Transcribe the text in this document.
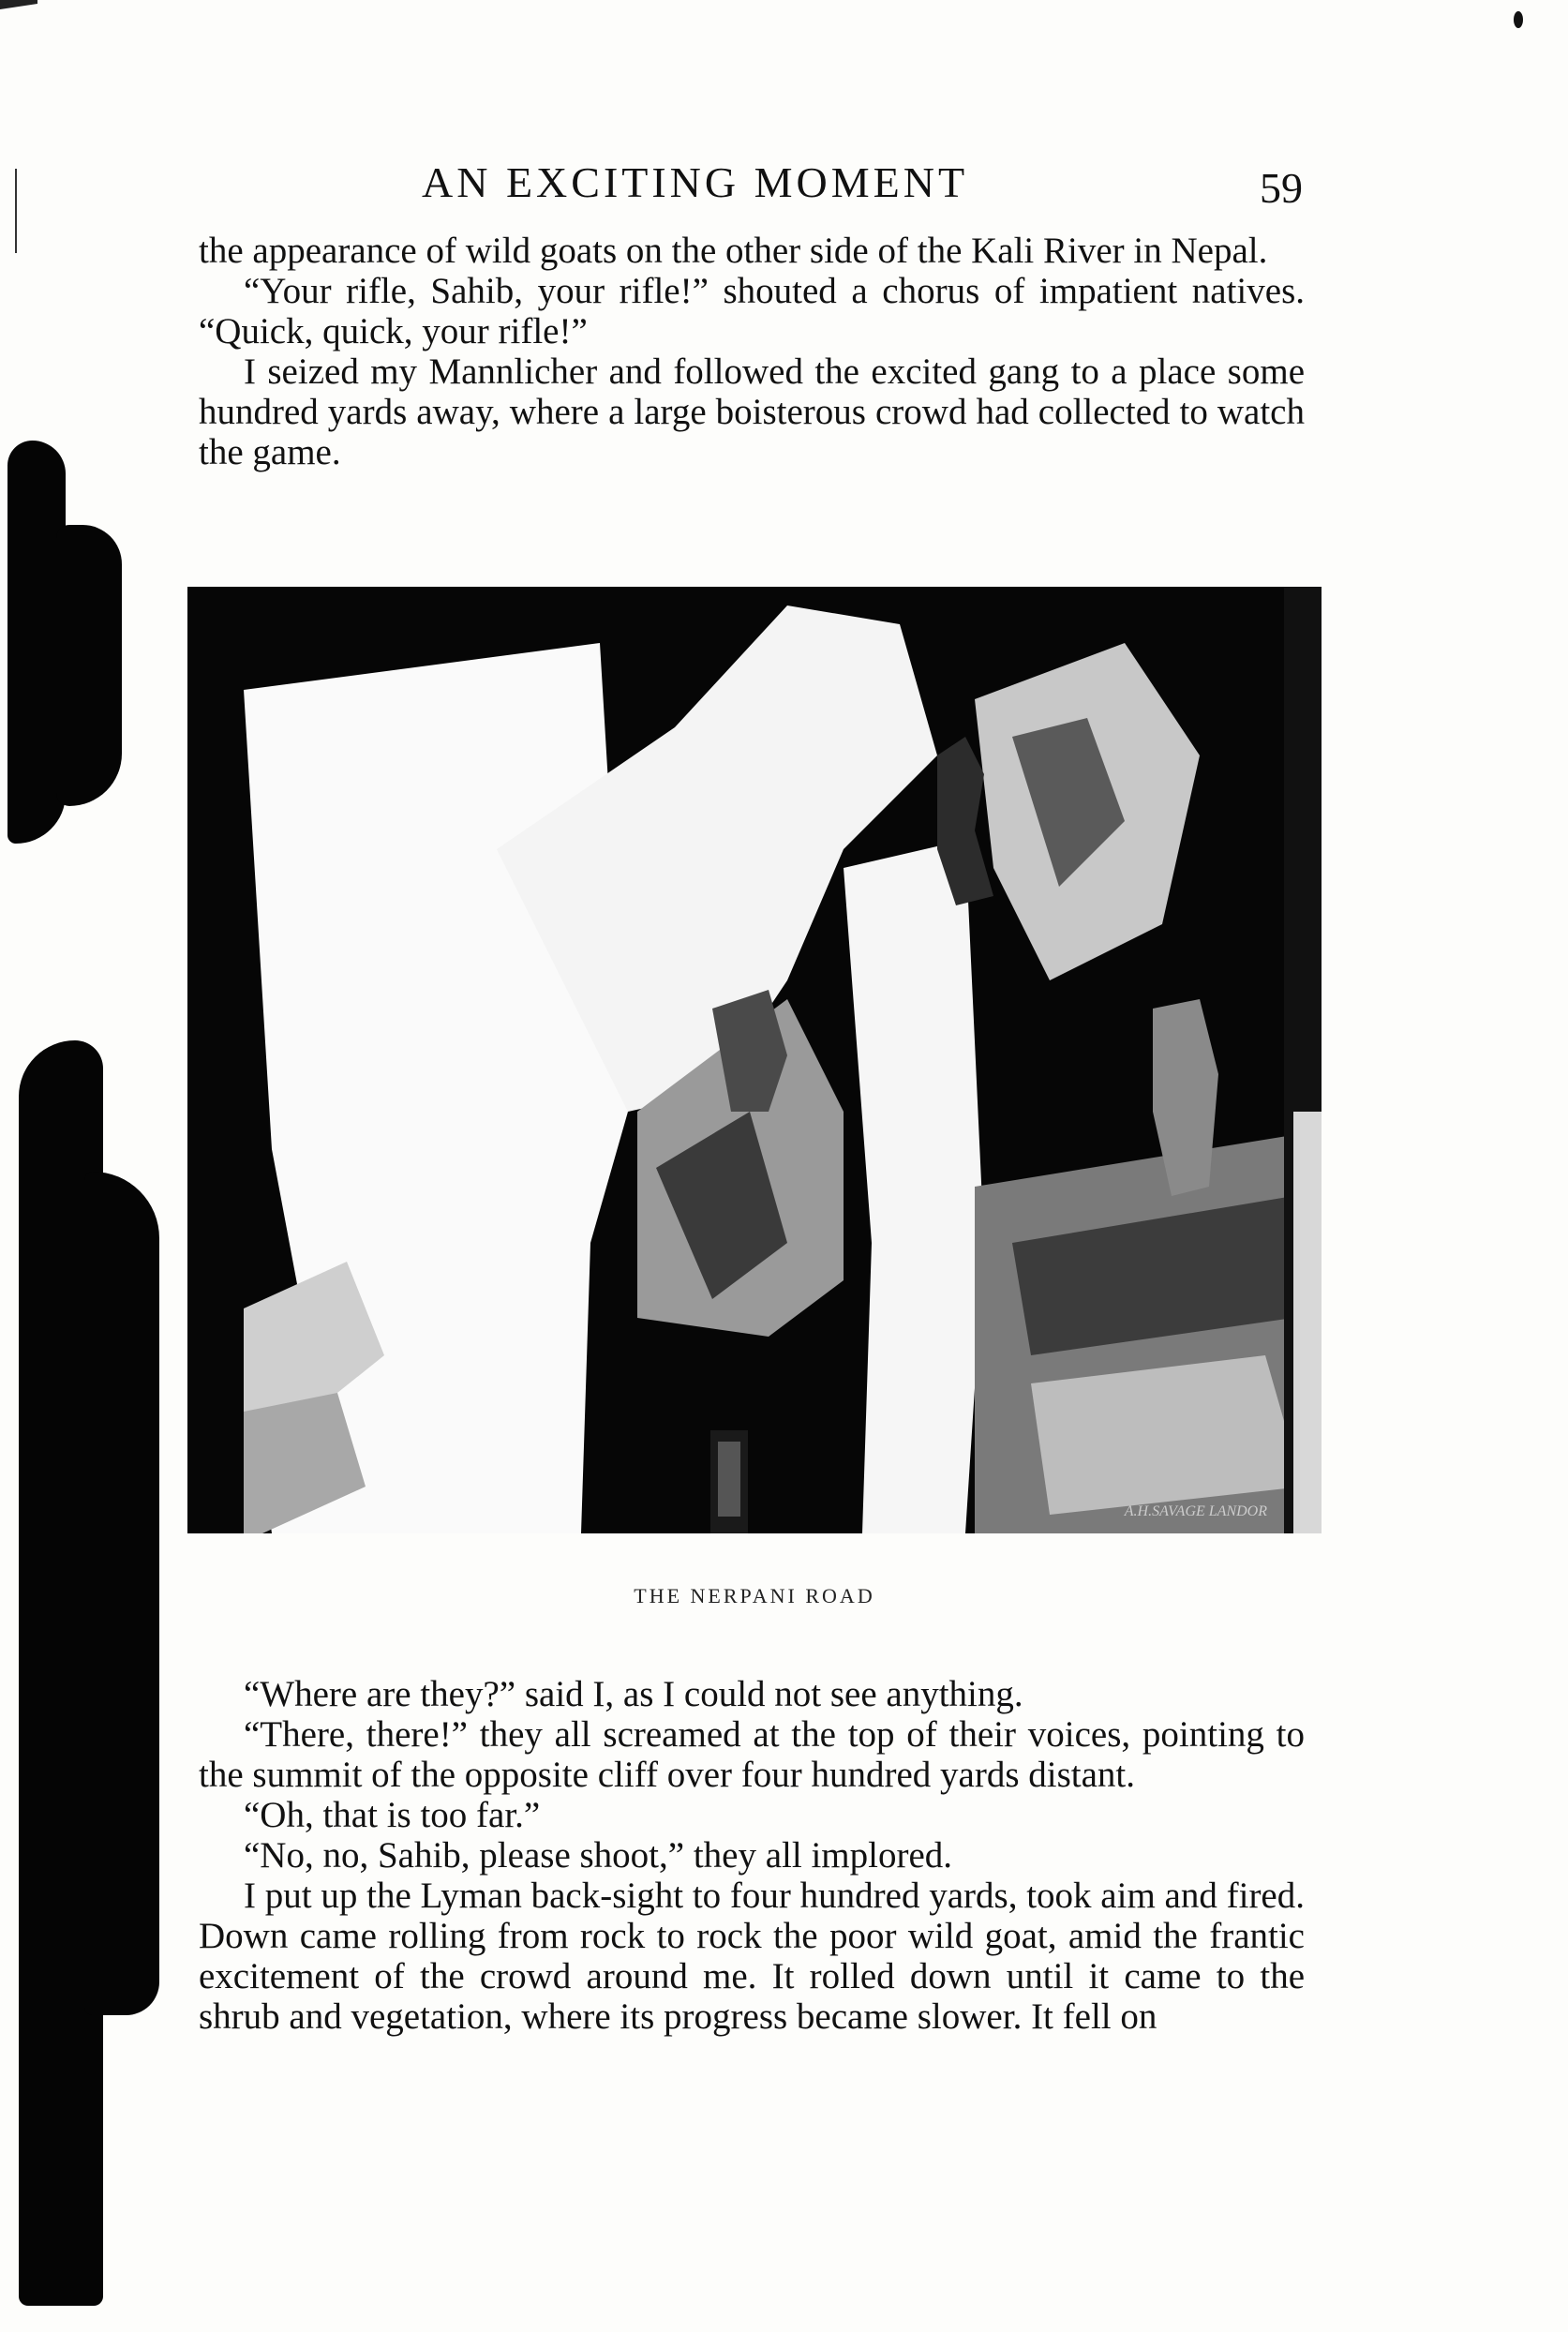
AN EXCITING MOMENT	59

the appearance of wild goats on the other side of the Kali River in Nepal.

“Your rifle, Sahib, your rifle!” shouted a chorus of impatient natives. “Quick, quick, your rifle!”

I seized my Mannlicher and followed the excited gang to a place some hundred yards away, where a large boisterous crowd had collected to watch the game.

A.H.SAVAGE LANDOR
THE NERPANI ROAD

“Where are they?” said I, as I could not see anything.

“There, there!” they all screamed at the top of their voices, pointing to the summit of the opposite cliff over four hundred yards distant.

“Oh, that is too far.”

“No, no, Sahib, please shoot,” they all implored.

I put up the Lyman back-sight to four hundred yards, took aim and fired. Down came rolling from rock to rock the poor wild goat, amid the frantic excitement of the crowd around me. It rolled down until it came to the shrub and vegetation, where its progress became slower. It fell on
